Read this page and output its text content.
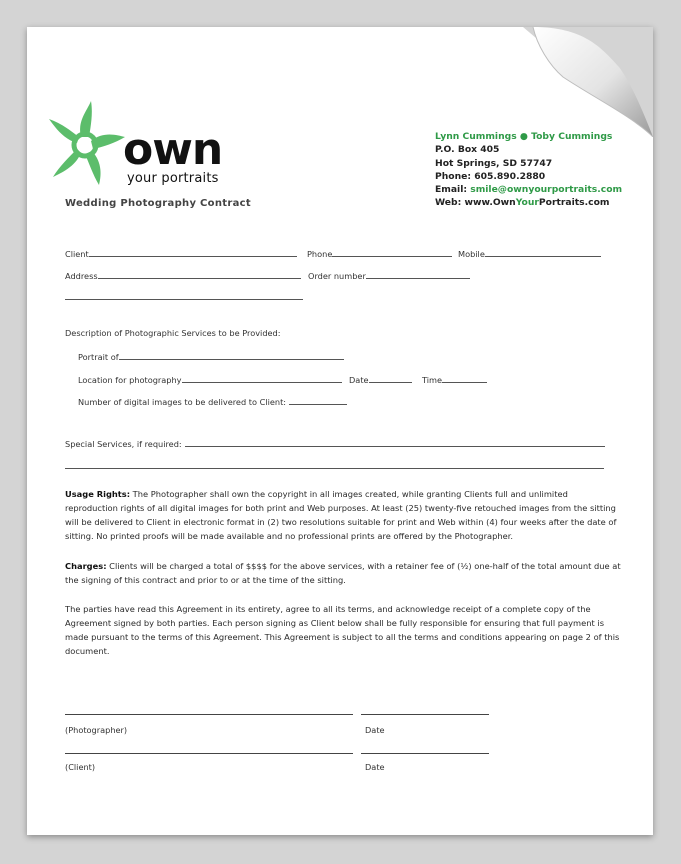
own
your portraits
Wedding Photography Contract
Lynn Cummings ● Toby Cummings
P.O. Box 405
Hot Springs, SD 57747
Phone: 605.890.2880
Email: smile@ownyourportraits.com
Web: www.OwnYourPortraits.com
Client	Phone	Mobile
Address	Order number
Description of Photographic Services to be Provided:
Portrait of
Location for photography	Date	Time
Number of digital images to be delivered to Client:
Special Services, if required:
Usage Rights: The Photographer shall own the copyright in all images created, while granting Clients full and unlimited reproduction rights of all digital images for both print and Web purposes. At least (25) twenty-five retouched images from the sitting will be delivered to Client in electronic format in (2) two resolutions suitable for print and Web within (4) four weeks after the date of sitting. No printed proofs will be made available and no professional prints are offered by the Photographer.
Charges: Clients will be charged a total of $$$$ for the above services, with a retainer fee of (½) one-half of the total amount due at the signing of this contract and prior to or at the time of the sitting.
The parties have read this Agreement in its entirety, agree to all its terms, and acknowledge receipt of a complete copy of the Agreement signed by both parties. Each person signing as Client below shall be fully responsible for ensuring that full payment is made pursuant to the terms of this Agreement. This Agreement is subject to all the terms and conditions appearing on page 2 of this document.
(Photographer)	Date
(Client)	Date
